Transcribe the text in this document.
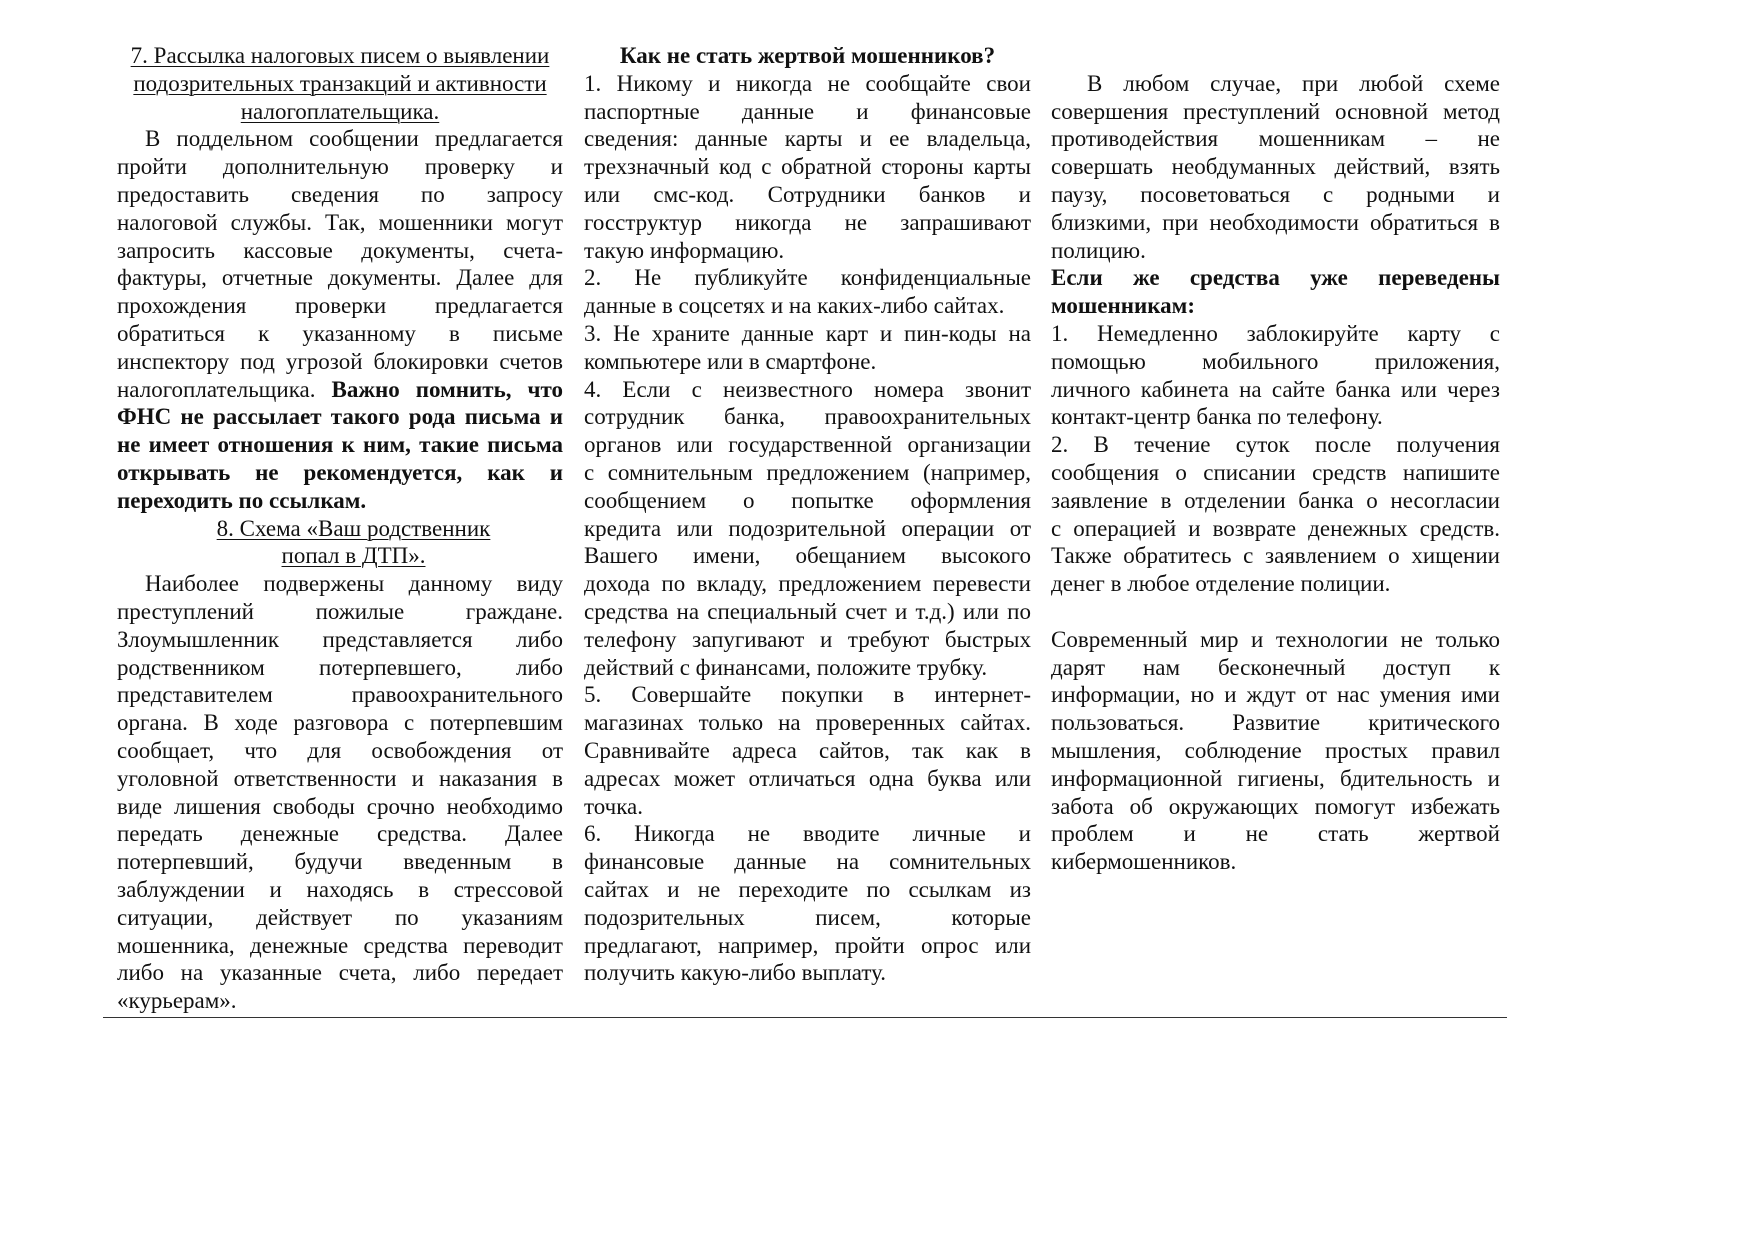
7. Рассылка налоговых писем о выявлении
подозрительных транзакций и активности
налогоплательщика.
В поддельном сообщении предлагается
пройти дополнительную проверку и
предоставить сведения по запросу
налоговой службы. Так, мошенники могут
запросить кассовые документы, счета-
фактуры, отчетные документы. Далее для
прохождения проверки предлагается
обратиться к указанному в письме
инспектору под угрозой блокировки счетов
налогоплательщика. Важно помнить, что
ФНС не рассылает такого рода письма и
не имеет отношения к ним, такие письма
открывать не рекомендуется, как и
переходить по ссылкам.
8. Схема «Ваш родственник
попал в ДТП».
Наиболее подвержены данному виду
преступлений пожилые граждане.
Злоумышленник представляется либо
родственником потерпевшего, либо
представителем правоохранительного
органа. В ходе разговора с потерпевшим
сообщает, что для освобождения от
уголовной ответственности и наказания в
виде лишения свободы срочно необходимо
передать денежные средства. Далее
потерпевший, будучи введенным в
заблуждении и находясь в стрессовой
ситуации, действует по указаниям
мошенника, денежные средства переводит
либо на указанные счета, либо передает
«курьерам».
Как не стать жертвой мошенников?
1. Никому и никогда не сообщайте свои
паспортные данные и финансовые
сведения: данные карты и ее владельца,
трехзначный код с обратной стороны карты
или смс-код. Сотрудники банков и
госструктур никогда не запрашивают
такую информацию.
2. Не публикуйте конфиденциальные
данные в соцсетях и на каких-либо сайтах.
3. Не храните данные карт и пин-коды на
компьютере или в смартфоне.
4. Если с неизвестного номера звонит
сотрудник банка, правоохранительных
органов или государственной организации
с сомнительным предложением (например,
сообщением о попытке оформления
кредита или подозрительной операции от
Вашего имени, обещанием высокого
дохода по вкладу, предложением перевести
средства на специальный счет и т.д.) или по
телефону запугивают и требуют быстрых
действий с финансами, положите трубку.
5. Совершайте покупки в интернет-
магазинах только на проверенных сайтах.
Сравнивайте адреса сайтов, так как в
адресах может отличаться одна буква или
точка.
6. Никогда не вводите личные и
финансовые данные на сомнительных
сайтах и не переходите по ссылкам из
подозрительных писем, которые
предлагают, например, пройти опрос или
получить какую-либо выплату.
В любом случае, при любой схеме
совершения преступлений основной метод
противодействия мошенникам – не
совершать необдуманных действий, взять
паузу, посоветоваться с родными и
близкими, при необходимости обратиться в
полицию.
Если же средства уже переведены
мошенникам:
1. Немедленно заблокируйте карту с
помощью мобильного приложения,
личного кабинета на сайте банка или через
контакт-центр банка по телефону.
2. В течение суток после получения
сообщения о списании средств напишите
заявление в отделении банка о несогласии
с операцией и возврате денежных средств.
Также обратитесь с заявлением о хищении
денег в любое отделение полиции.
Современный мир и технологии не только
дарят нам бесконечный доступ к
информации, но и ждут от нас умения ими
пользоваться. Развитие критического
мышления, соблюдение простых правил
информационной гигиены, бдительность и
забота об окружающих помогут избежать
проблем и не стать жертвой
кибермошенников.
